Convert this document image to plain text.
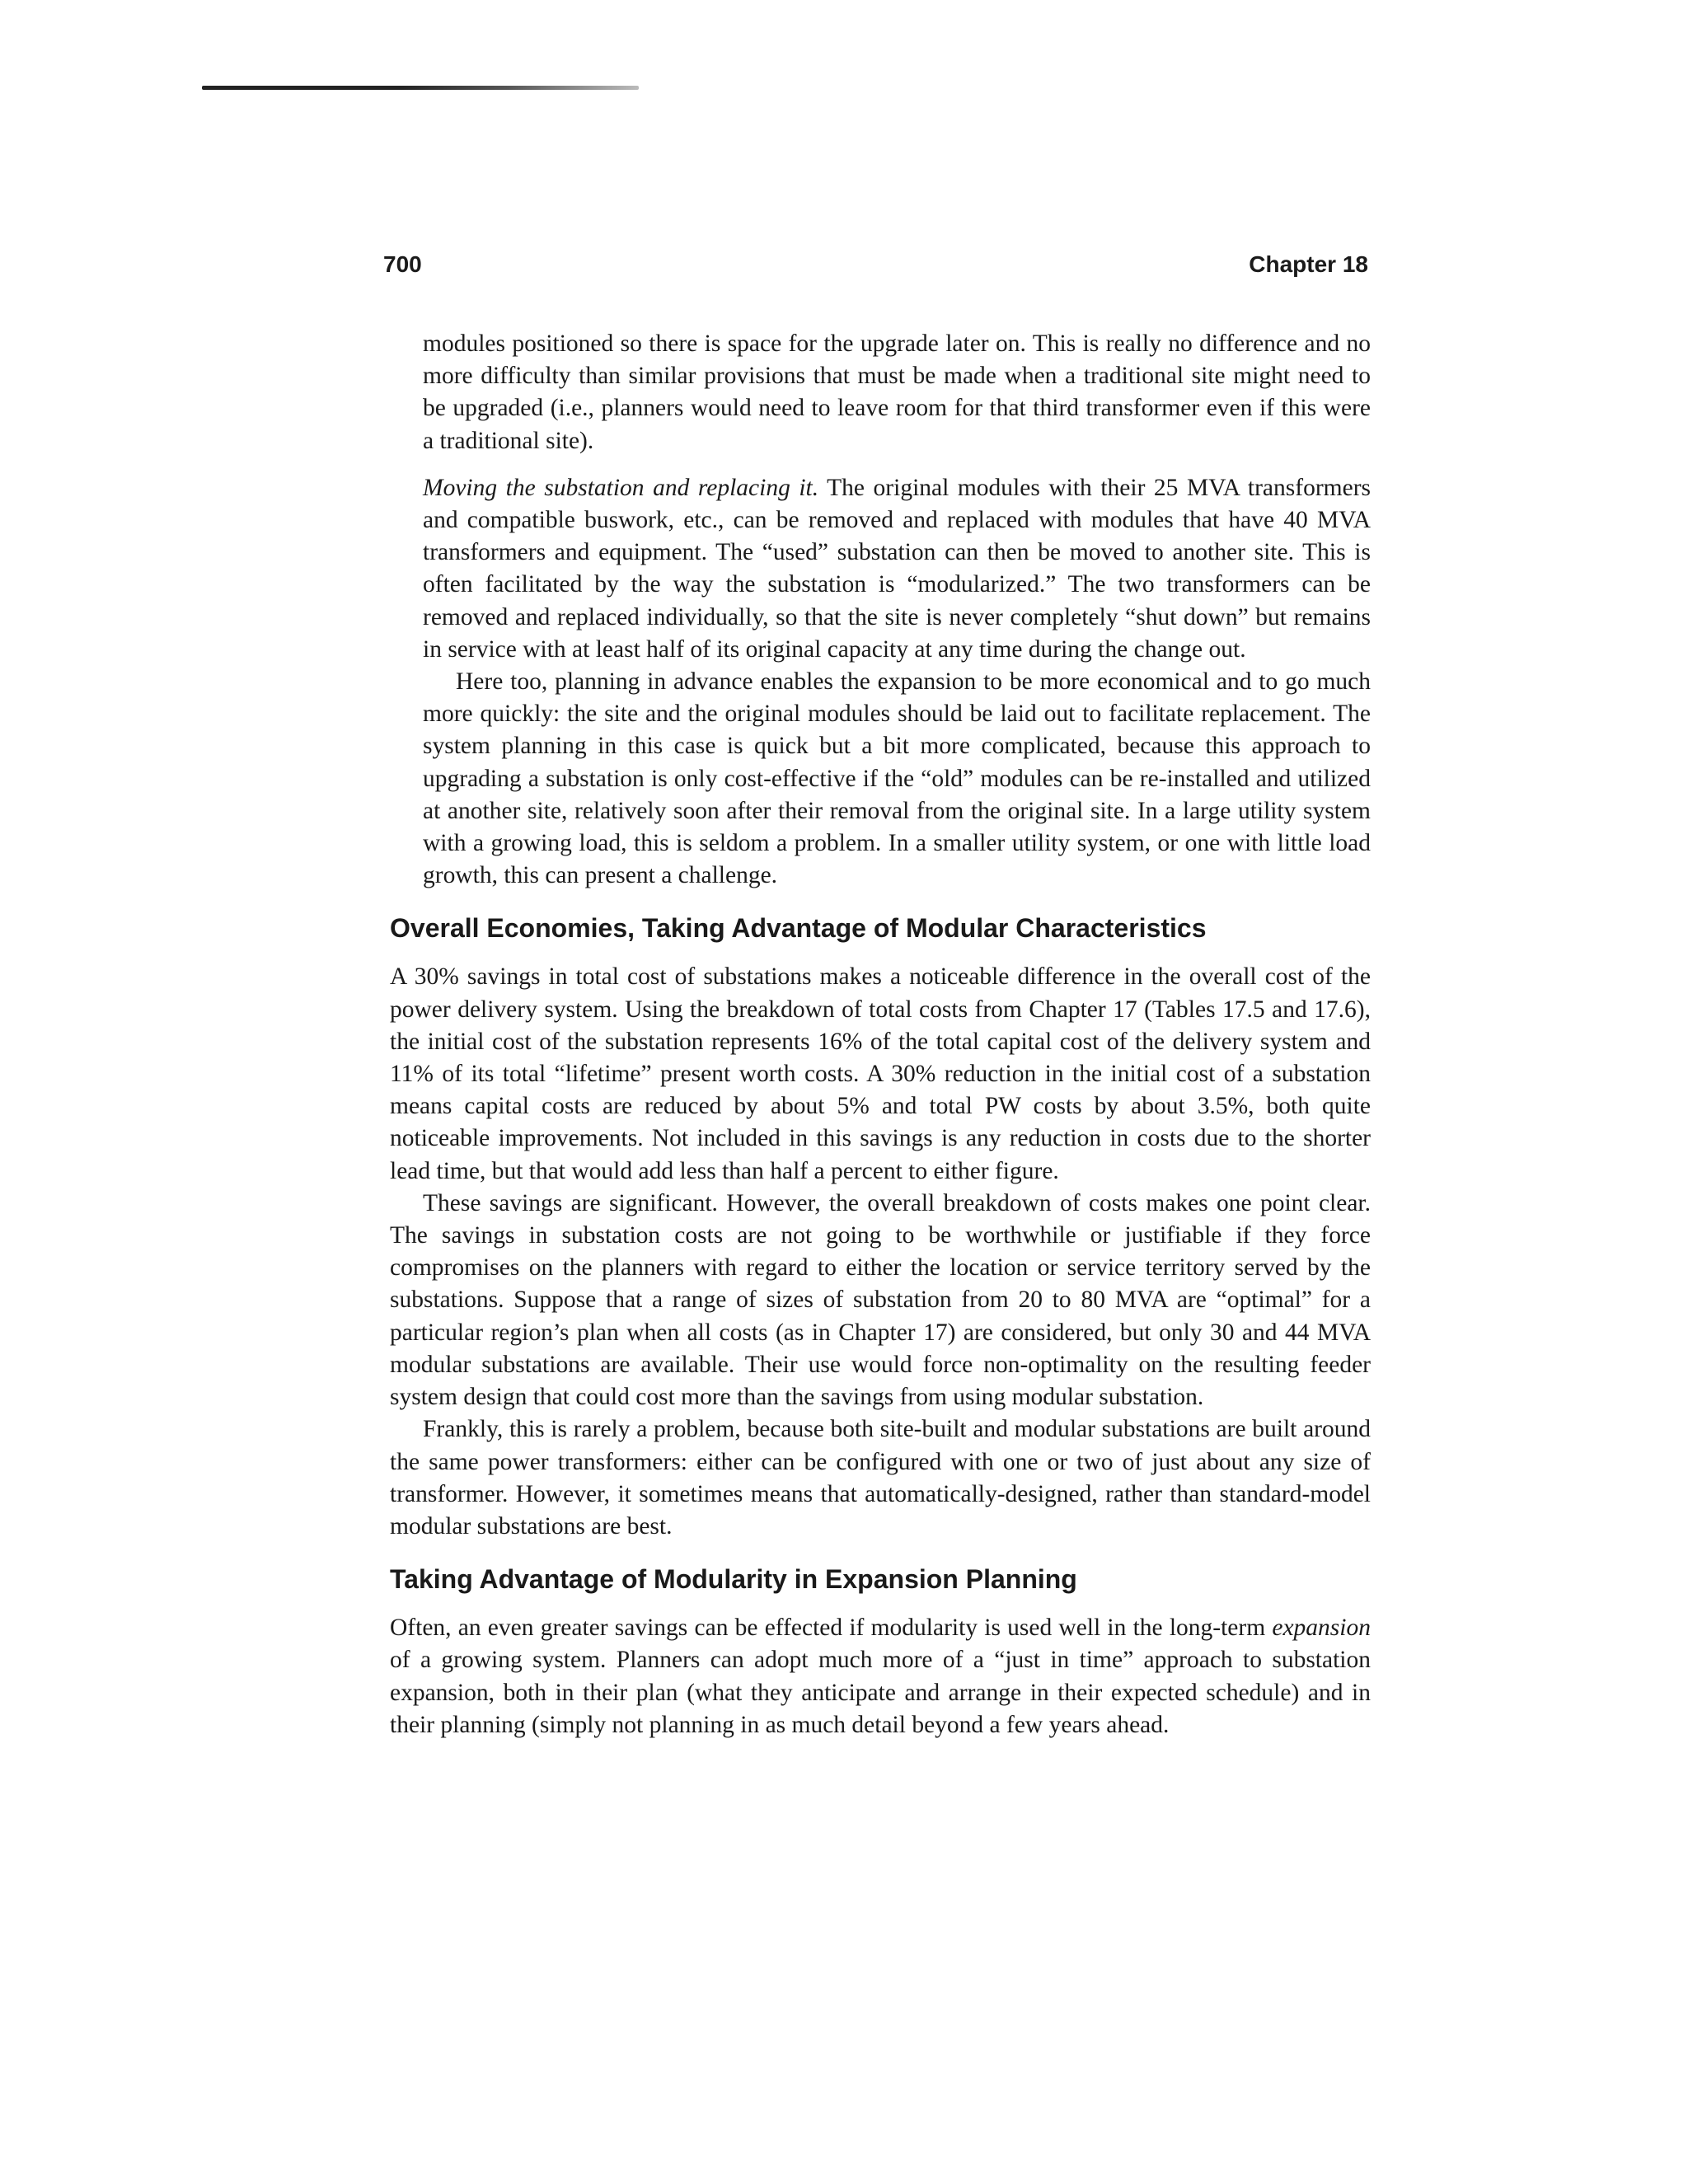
700	Chapter 18

modules positioned so there is space for the upgrade later on. This is really no difference and no more difficulty than similar provisions that must be made when a traditional site might need to be upgraded (i.e., planners would need to leave room for that third transformer even if this were a traditional site).

Moving the substation and replacing it. The original modules with their 25 MVA transformers and compatible buswork, etc., can be removed and replaced with modules that have 40 MVA transformers and equipment. The “used” substation can then be moved to another site. This is often facilitated by the way the substation is “modularized.” The two transformers can be removed and replaced individually, so that the site is never completely “shut down” but remains in service with at least half of its original capacity at any time during the change out.

Here too, planning in advance enables the expansion to be more economical and to go much more quickly: the site and the original modules should be laid out to facilitate replacement. The system planning in this case is quick but a bit more complicated, because this approach to upgrading a substation is only cost-effective if the “old” modules can be re-installed and utilized at another site, relatively soon after their removal from the original site. In a large utility system with a growing load, this is seldom a problem. In a smaller utility system, or one with little load growth, this can present a challenge.

Overall Economies, Taking Advantage of Modular Characteristics

A 30% savings in total cost of substations makes a noticeable difference in the overall cost of the power delivery system. Using the breakdown of total costs from Chapter 17 (Tables 17.5 and 17.6), the initial cost of the substation represents 16% of the total capital cost of the delivery system and 11% of its total “lifetime” present worth costs. A 30% reduction in the initial cost of a substation means capital costs are reduced by about 5% and total PW costs by about 3.5%, both quite noticeable improvements. Not included in this savings is any reduction in costs due to the shorter lead time, but that would add less than half a percent to either figure.

These savings are significant. However, the overall breakdown of costs makes one point clear. The savings in substation costs are not going to be worthwhile or justifiable if they force compromises on the planners with regard to either the location or service territory served by the substations. Suppose that a range of sizes of substation from 20 to 80 MVA are “optimal” for a particular region’s plan when all costs (as in Chapter 17) are considered, but only 30 and 44 MVA modular substations are available. Their use would force non-optimality on the resulting feeder system design that could cost more than the savings from using modular substation.

Frankly, this is rarely a problem, because both site-built and modular substations are built around the same power transformers: either can be configured with one or two of just about any size of transformer. However, it sometimes means that automatically-designed, rather than standard-model modular substations are best.

Taking Advantage of Modularity in Expansion Planning

Often, an even greater savings can be effected if modularity is used well in the long-term expansion of a growing system. Planners can adopt much more of a “just in time” approach to substation expansion, both in their plan (what they anticipate and arrange in their expected schedule) and in their planning (simply not planning in as much detail beyond a few years ahead.
